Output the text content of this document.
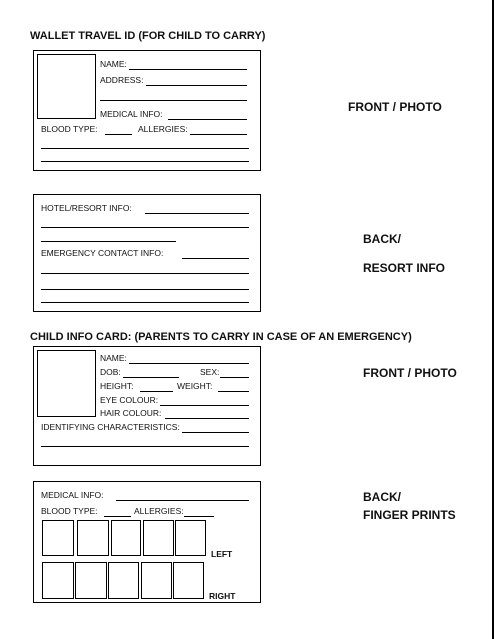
WALLET TRAVEL ID (FOR CHILD TO CARRY)
NAME:
ADDRESS:
MEDICAL INFO:
BLOOD TYPE:	ALLERGIES:
FRONT / PHOTO
HOTEL/RESORT INFO:
EMERGENCY CONTACT INFO:
BACK/
RESORT INFO
CHILD INFO CARD: (PARENTS TO CARRY IN CASE OF AN EMERGENCY)
NAME:
DOB:	SEX:
HEIGHT:	WEIGHT:
EYE COLOUR:
HAIR COLOUR:
IDENTIFYING CHARACTERISTICS:
FRONT / PHOTO
MEDICAL INFO:
BLOOD TYPE:	ALLERGIES:
LEFT
RIGHT
BACK/
FINGER PRINTS
